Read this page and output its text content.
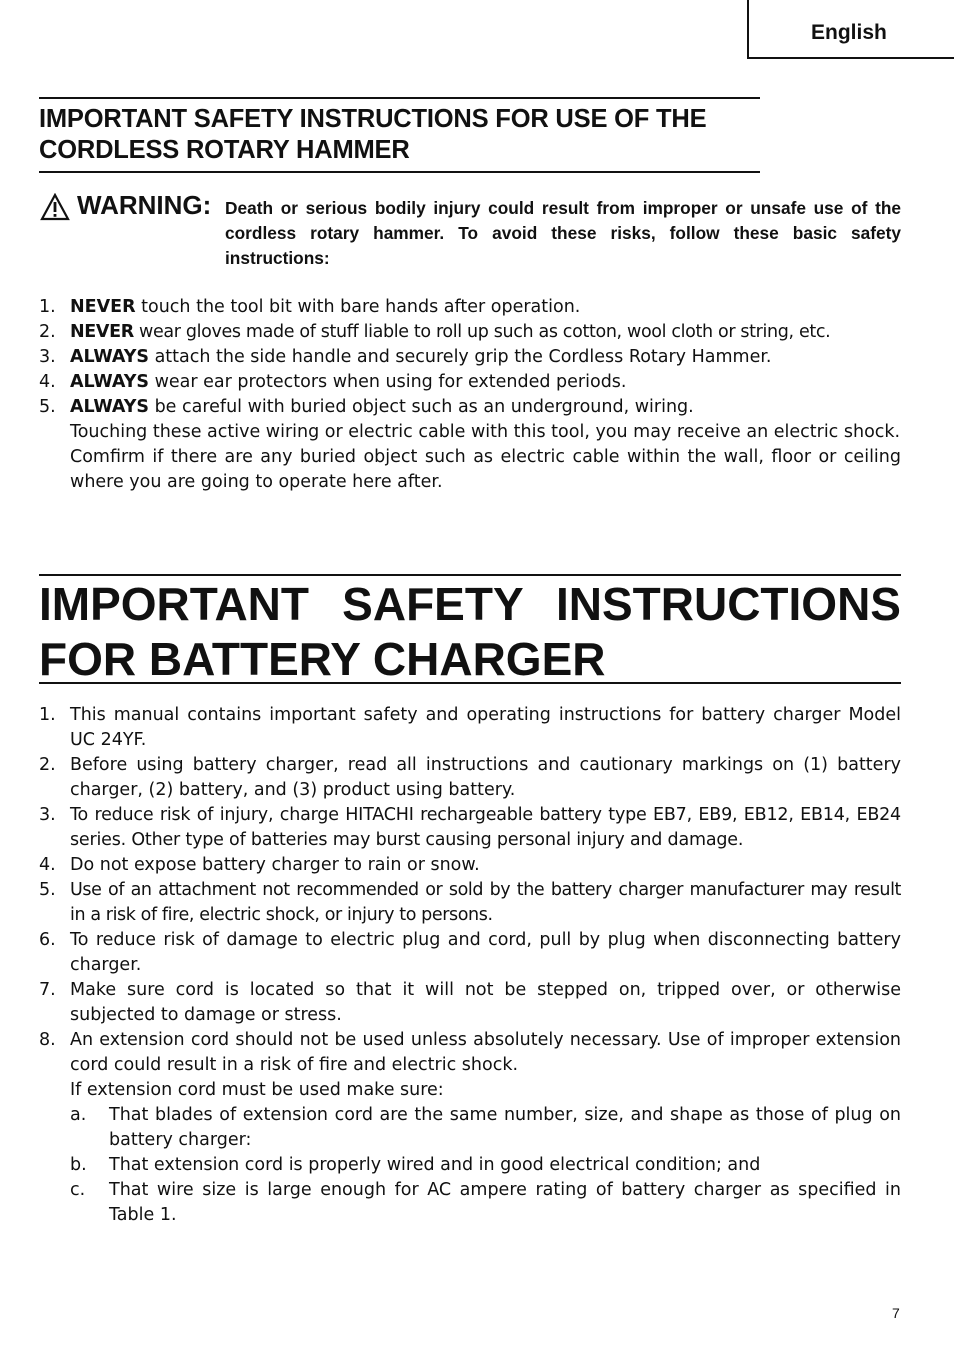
English
IMPORTANT SAFETY INSTRUCTIONS FOR USE OF THE
CORDLESS ROTARY HAMMER
WARNING: Death or serious bodily injury could result from improper or unsafe use of the cordless rotary hammer. To avoid these risks, follow these basic safety instructions:
1. NEVER touch the tool bit with bare hands after operation.
2. NEVER wear gloves made of stuff liable to roll up such as cotton, wool cloth or string, etc.
3. ALWAYS attach the side handle and securely grip the Cordless Rotary Hammer.
4. ALWAYS wear ear protectors when using for extended periods.
5. ALWAYS be careful with buried object such as an underground, wiring.
Touching these active wiring or electric cable with this tool, you may receive an electric shock.
Comfirm if there are any buried object such as electric cable within the wall, floor or ceiling where you are going to operate here after.
IMPORTANT SAFETY INSTRUCTIONS
FOR BATTERY CHARGER
1. This manual contains important safety and operating instructions for battery charger Model UC 24YF.
2. Before using battery charger, read all instructions and cautionary markings on (1) battery charger, (2) battery, and (3) product using battery.
3. To reduce risk of injury, charge HITACHI rechargeable battery type EB7, EB9, EB12, EB14, EB24 series. Other type of batteries may burst causing personal injury and damage.
4. Do not expose battery charger to rain or snow.
5. Use of an attachment not recommended or sold by the battery charger manufacturer may result in a risk of fire, electric shock, or injury to persons.
6. To reduce risk of damage to electric plug and cord, pull by plug when disconnecting battery charger.
7. Make sure cord is located so that it will not be stepped on, tripped over, or otherwise subjected to damage or stress.
8. An extension cord should not be used unless absolutely necessary. Use of improper extension cord could result in a risk of fire and electric shock.
If extension cord must be used make sure:
a. That blades of extension cord are the same number, size, and shape as those of plug on battery charger:
b. That extension cord is properly wired and in good electrical condition; and
c. That wire size is large enough for AC ampere rating of battery charger as specified in Table 1.
7
